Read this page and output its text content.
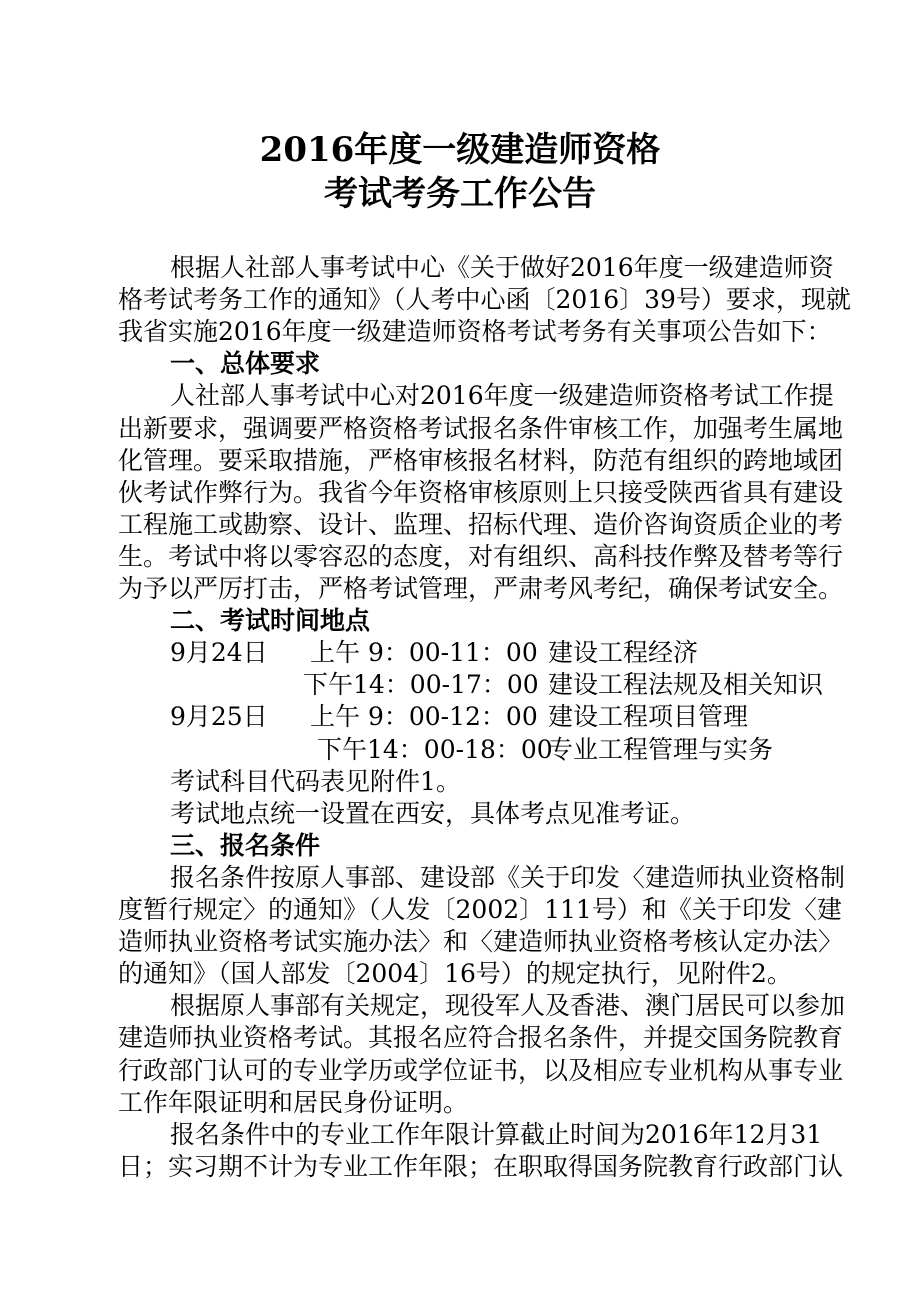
2016年度一级建造师资格
考试考务工作公告
根据人社部人事考试中心《关于做好2016年度一级建造师资
格考试考务工作的通知》（人考中心函〔2016〕39号）要求，现就
我省实施2016年度一级建造师资格考试考务有关事项公告如下：
一、总体要求
人社部人事考试中心对2016年度一级建造师资格考试工作提
出新要求，强调要严格资格考试报名条件审核工作，加强考生属地
化管理。要采取措施，严格审核报名材料，防范有组织的跨地域团
伙考试作弊行为。我省今年资格审核原则上只接受陕西省具有建设
工程施工或勘察、设计、监理、招标代理、造价咨询资质企业的考
生。考试中将以零容忍的态度，对有组织、高科技作弊及替考等行
为予以严厉打击，严格考试管理，严肃考风考纪，确保考试安全。
二、考试时间地点
9月24日 上午 9：00-11：00 建设工程经济
下午14：00-17：00 建设工程法规及相关知识
9月25日 上午 9：00-12：00 建设工程项目管理
下午14：00-18：00
专业工程管理与实务
考试科目代码表见附件1。
考试地点统一设置在西安，具体考点见准考证。
三、报名条件
报名条件按原人事部、建设部《关于印发〈建造师执业资格制
度暂行规定〉的通知》（人发〔2002〕111号）和《关于印发〈建
造师执业资格考试实施办法〉和〈建造师执业资格考核认定办法〉
的通知》（国人部发〔2004〕16号）的规定执行，见附件2。
根据原人事部有关规定，现役军人及香港、澳门居民可以参加
建造师执业资格考试。其报名应符合报名条件，并提交国务院教育
行政部门认可的专业学历或学位证书，以及相应专业机构从事专业
工作年限证明和居民身份证明。
报名条件中的专业工作年限计算截止时间为2016年12月31
日；实习期不计为专业工作年限；在职取得国务院教育行政部门认
